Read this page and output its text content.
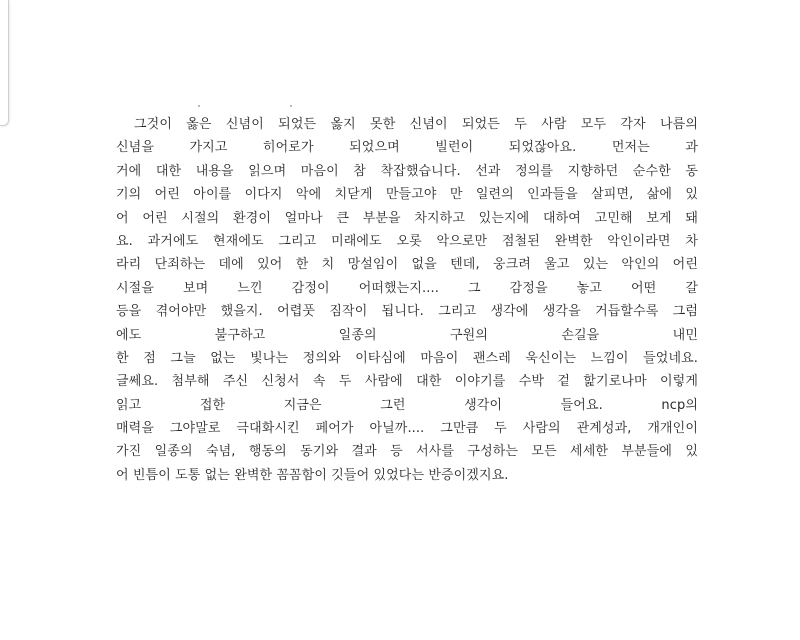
그것이 옳은 신념이 되었든 옳지 못한 신념이 되었든 두 사람 모두 각자 나름의
신념을 가지고 히어로가 되었으며 빌런이 되었잖아요. 먼저는 과
거에 대한 내용을 읽으며 마음이 참 착잡했습니다. 선과 정의를 지향하던 순수한 동
기의 어린 아이를 이다지 악에 치닫게 만들고야 만 일련의 인과들을 살피면, 삶에 있
어 어린 시절의 환경이 얼마나 큰 부분을 차지하고 있는지에 대하여 고민해 보게 돼
요. 과거에도 현재에도 그리고 미래에도 오롯 악으로만 점철된 완벽한 악인이라면 차
라리 단죄하는 데에 있어 한 치 망설임이 없을 텐데, 웅크려 울고 있는 악인의 어린
시절을 보며 느낀 감정이 어떠했는지.... 그 감정을 놓고 어떤 갈
등을 겪어야만 했을지. 어렵풋 짐작이 됩니다. 그리고 생각에 생각을 거듭할수록 그럼
에도 불구하고 일종의 구원의 손길을 내민
한 점 그늘 없는 빛나는 정의와 이타심에 마음이 괜스레 욱신이는 느낌이 들었네요.
글쎄요. 첨부해 주신 신청서 속 두 사람에 대한 이야기를 수박 겉 핥기로나마 이렇게
읽고 접한 지금은 그런 생각이 들어요. ncp의
매력을 그야말로 극대화시킨 페어가 아닐까.... 그만큼 두 사람의 관계성과, 개개인이
가진 일종의 숙념, 행동의 동기와 결과 등 서사를 구성하는 모든 세세한 부분들에 있
어 빈틈이 도통 없는 완벽한 꼼꼼함이 깃들어 있었다는 반증이겠지요.
